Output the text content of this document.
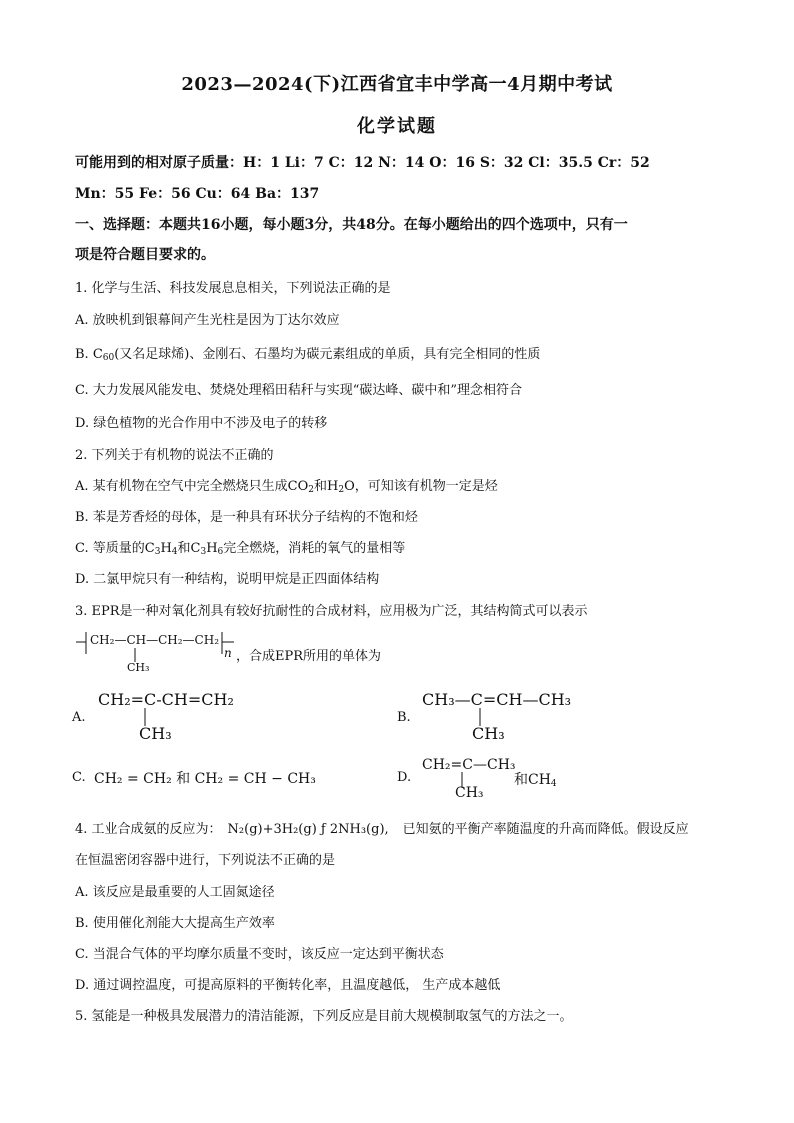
2023—2024(下)江西省宜丰中学高一4月期中考试
化学试题
可能用到的相对原子质量：H：1 Li：7 C：12 N：14 O：16 S：32 Cl：35.5 Cr：52
Mn：55 Fe：56 Cu：64 Ba：137
一、选择题：本题共16小题，每小题3分，共48分。在每小题给出的四个选项中，只有一
项是符合题目要求的。
1. 化学与生活、科技发展息息相关，下列说法正确的是
A. 放映机到银幕间产生光柱是因为丁达尔效应
B. $C_{60}$(又名足球烯)、金刚石、石墨均为碳元素组成的单质，具有完全相同的性质
C. 大力发展风能发电、焚烧处理稻田秸秆与实现“碳达峰、碳中和”理念相符合
D. 绿色植物的光合作用中不涉及电子的转移
2. 下列关于有机物的说法不正确的
A. 某有机物在空气中完全燃烧只生成$CO_2$和$H_2O$，可知该有机物一定是烃
B. 苯是芳香烃的母体，是一种具有环状分子结构的不饱和烃
C. 等质量的$C_3H_4$和$C_3H_6$完全燃烧，消耗的氧气的量相等
D. 二氯甲烷只有一种结构，说明甲烷是正四面体结构
3. EPR是一种对氧化剂具有较好抗耐性的合成材料，应用极为广泛，其结构简式可以表示
CH₂—CH—CH₂—CH₂
CH₃
n ，合成EPR所用的单体为
A.
CH₂=C-CH=CH₂
CH₃
B.
CH₃—C=CH—CH₃
CH₃
C. CH₂ = CH₂ 和 CH₂ = CH − CH₃	D.
CH₂=C—CH₃
CH₃
和$CH_4$
4. 工业合成氨的反应为： N₂(g)+3H₂(g) ƒ 2NH₃(g), 已知氨的平衡产率随温度的升高而降低。假设反应
在恒温密闭容器中进行，下列说法不正确的是
A. 该反应是最重要的人工固氮途径
B. 使用催化剂能大大提高生产效率
C. 当混合气体的平均摩尔质量不变时，该反应一定达到平衡状态
D. 通过调控温度，可提高原料的平衡转化率，且温度越低， 生产成本越低
5. 氢能是一种极具发展潜力的清洁能源，下列反应是目前大规模制取氢气的方法之一。
